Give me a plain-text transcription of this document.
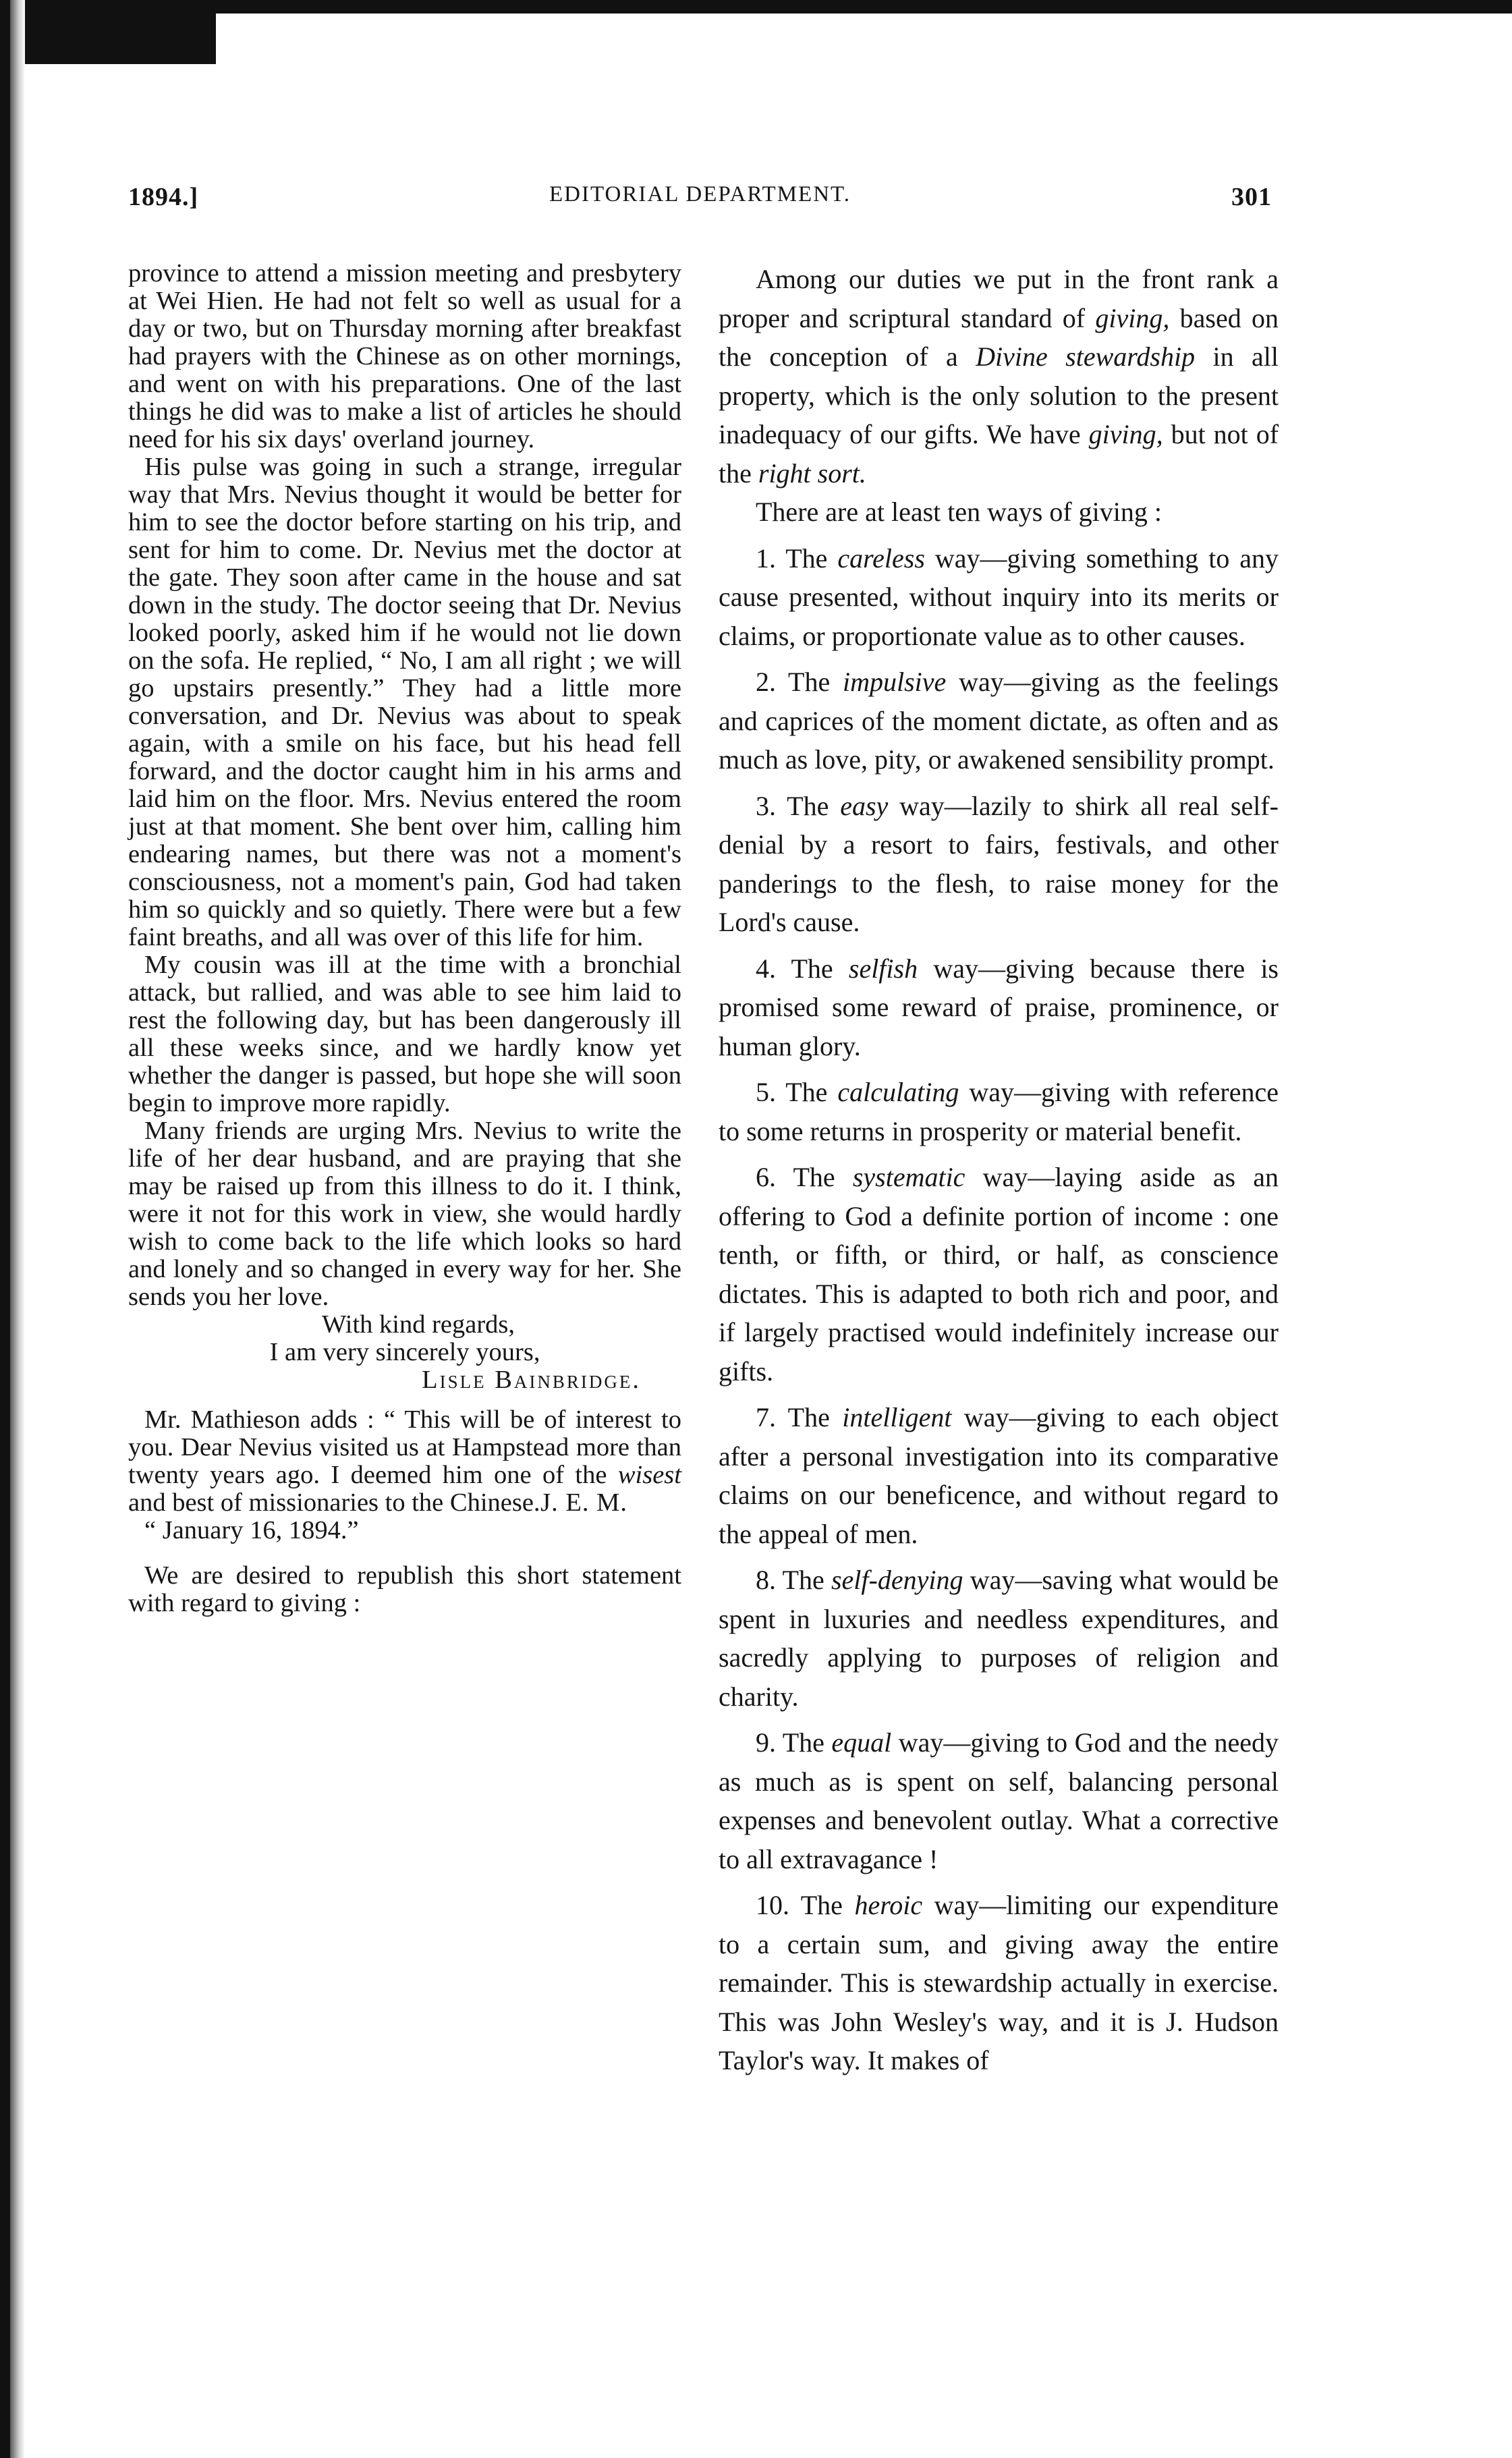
1894.]	EDITORIAL DEPARTMENT.	301

province to attend a mission meeting and presbytery at Wei Hien. He had not felt so well as usual for a day or two, but on Thursday morning after breakfast had prayers with the Chinese as on other mornings, and went on with his preparations. One of the last things he did was to make a list of articles he should need for his six days' overland journey.

His pulse was going in such a strange, irregular way that Mrs. Nevius thought it would be better for him to see the doctor before starting on his trip, and sent for him to come. Dr. Nevius met the doctor at the gate. They soon after came in the house and sat down in the study. The doctor seeing that Dr. Nevius looked poorly, asked him if he would not lie down on the sofa. He replied, “ No, I am all right ; we will go upstairs presently.” They had a little more conversation, and Dr. Nevius was about to speak again, with a smile on his face, but his head fell forward, and the doctor caught him in his arms and laid him on the floor. Mrs. Nevius entered the room just at that moment. She bent over him, calling him endearing names, but there was not a moment's consciousness, not a moment's pain, God had taken him so quickly and so quietly. There were but a few faint breaths, and all was over of this life for him.

My cousin was ill at the time with a bronchial attack, but rallied, and was able to see him laid to rest the following day, but has been dangerously ill all these weeks since, and we hardly know yet whether the danger is passed, but hope she will soon begin to improve more rapidly.

Many friends are urging Mrs. Nevius to write the life of her dear husband, and are praying that she may be raised up from this illness to do it. I think, were it not for this work in view, she would hardly wish to come back to the life which looks so hard and lonely and so changed in every way for her. She sends you her love.

With kind regards,

I am very sincerely yours,

Lisle Bainbridge.

Mr. Mathieson adds : “ This will be of interest to you. Dear Nevius visited us at Hampstead more than twenty years ago. I deemed him one of the wisest and best of missionaries to the Chinese. J. E. M.

“ January 16, 1894.”

We are desired to republish this short statement with regard to giving :

Among our duties we put in the front rank a proper and scriptural standard of giving, based on the conception of a Divine stewardship in all property, which is the only solution to the present inadequacy of our gifts. We have giving, but not of the right sort.

There are at least ten ways of giving :

1. The careless way—giving something to any cause presented, without inquiry into its merits or claims, or proportionate value as to other causes.

2. The impulsive way—giving as the feelings and caprices of the moment dictate, as often and as much as love, pity, or awakened sensibility prompt.

3. The easy way—lazily to shirk all real self-denial by a resort to fairs, festivals, and other panderings to the flesh, to raise money for the Lord's cause.

4. The selfish way—giving because there is promised some reward of praise, prominence, or human glory.

5. The calculating way—giving with reference to some returns in prosperity or material benefit.

6. The systematic way—laying aside as an offering to God a definite portion of income : one tenth, or fifth, or third, or half, as conscience dictates. This is adapted to both rich and poor, and if largely practised would indefinitely increase our gifts.

7. The intelligent way—giving to each object after a personal investigation into its comparative claims on our beneficence, and without regard to the appeal of men.

8. The self-denying way—saving what would be spent in luxuries and needless expenditures, and sacredly applying to purposes of religion and charity.

9. The equal way—giving to God and the needy as much as is spent on self, balancing personal expenses and benevolent outlay. What a corrective to all extravagance !

10. The heroic way—limiting our expenditure to a certain sum, and giving away the entire remainder. This is stewardship actually in exercise. This was John Wesley's way, and it is J. Hudson Taylor's way. It makes of
